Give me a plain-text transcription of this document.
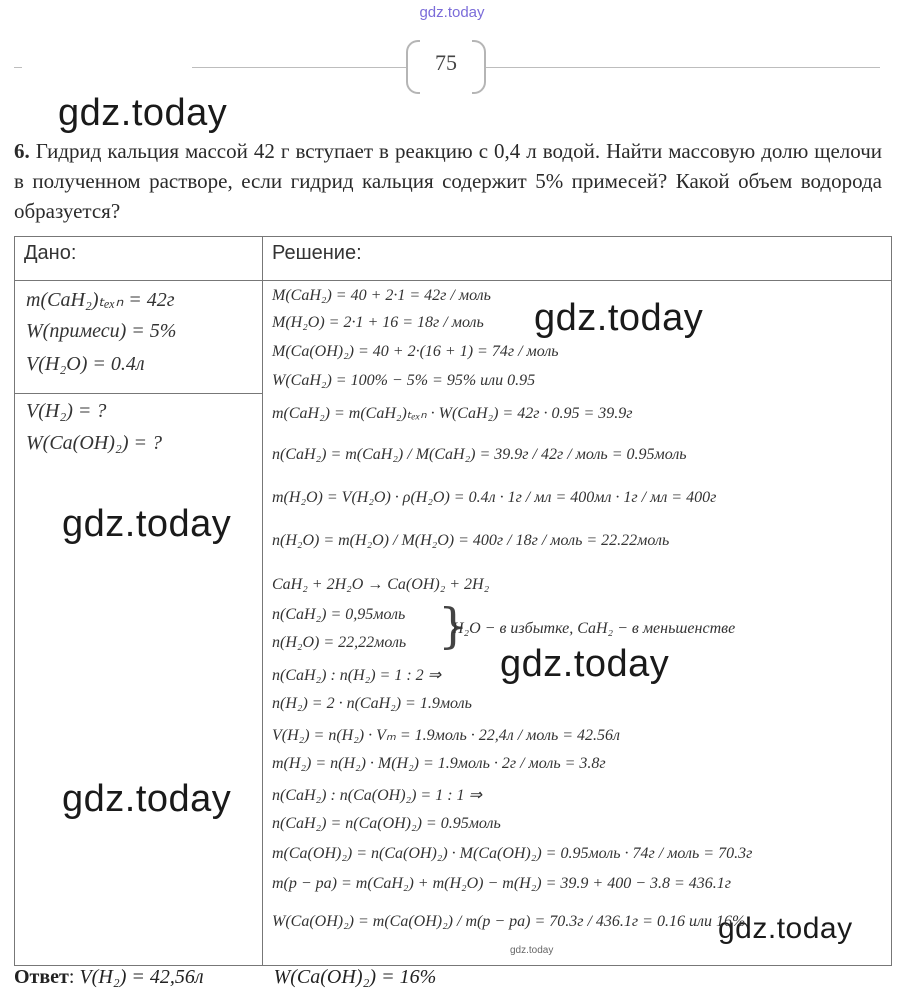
gdz.today
75
gdz.today
gdz.today
gdz.today
gdz.today
gdz.today
gdz.today
6. Гидрид кальция массой 42 г вступает в реакцию с 0,4 л водой. Найти массовую долю щелочи в полученном растворе, если гидрид кальция содержит 5% примесей? Какой объем водорода образуется?
Дано:	Решение:
m(CaH₂)ₜₑₓₙ = 42г
W(примеси) = 5%
V(H₂O) = 0.4л
V(H₂) = ?
W(Ca(OH)₂) = ?
M(CaH₂) = 40 + 2·1 = 42г / моль
M(H₂O) = 2·1 + 16 = 18г / моль
M(Ca(OH)₂) = 40 + 2·(16 + 1) = 74г / моль
W(CaH₂) = 100% − 5% = 95% или 0.95
m(CaH₂) = m(CaH₂)ₜₑₓₙ · W(CaH₂) = 42г · 0.95 = 39.9г
n(CaH₂) = m(CaH₂) / M(CaH₂) = 39.9г / 42г / моль = 0.95моль
m(H₂O) = V(H₂O) · ρ(H₂O) = 0.4л · 1г / мл = 400мл · 1г / мл = 400г
n(H₂O) = m(H₂O) / M(H₂O) = 400г / 18г / моль = 22.22моль
CaH₂ + 2H₂O → Ca(OH)₂ + 2H₂
n(CaH₂) = 0,95моль
n(H₂O) = 22,22моль }
H₂O − в избытке, CaH₂ − в меньшенстве
n(CaH₂) : n(H₂) = 1 : 2 ⇒
n(H₂) = 2 · n(CaH₂) = 1.9моль
V(H₂) = n(H₂) · Vₘ = 1.9моль · 22,4л / моль = 42.56л
m(H₂) = n(H₂) · M(H₂) = 1.9моль · 2г / моль = 3.8г
n(CaH₂) : n(Ca(OH)₂) = 1 : 1 ⇒
n(CaH₂) = n(Ca(OH)₂) = 0.95моль
m(Ca(OH)₂) = n(Ca(OH)₂) · M(Ca(OH)₂) = 0.95моль · 74г / моль = 70.3г
m(p − pa) = m(CaH₂) + m(H₂O) − m(H₂) = 39.9 + 400 − 3.8 = 436.1г
W(Ca(OH)₂) = m(Ca(OH)₂) / m(p − pa) = 70.3г / 436.1г = 0.16 или 16%
gdz.today
Ответ: V(H₂) = 42,56л	W(Ca(OH)₂) = 16%
